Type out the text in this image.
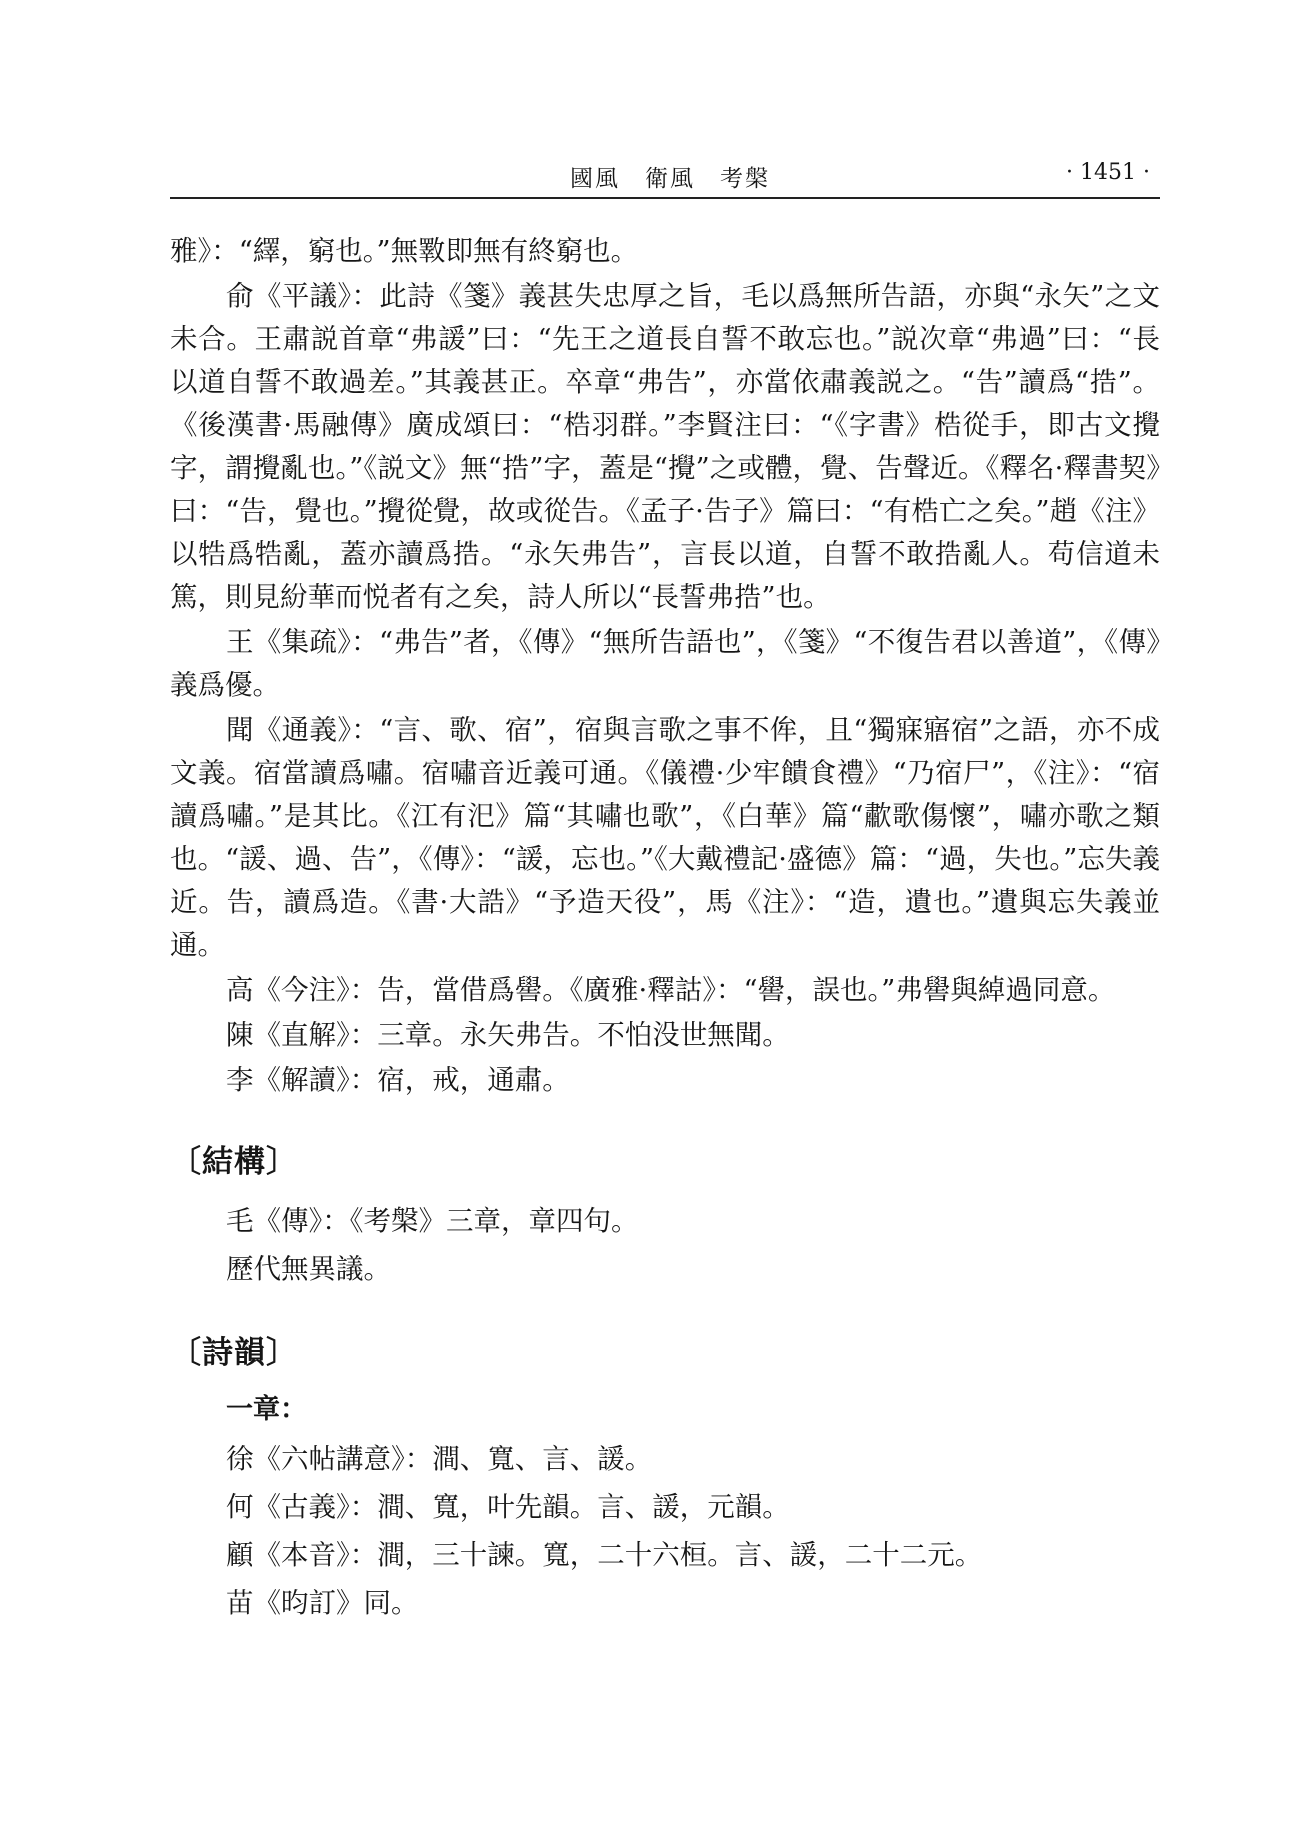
國風　衛風　考槃	· 1451 ·

雅》：“繹，窮也。”無斁即無有終窮也。

俞《平議》：此詩《箋》義甚失忠厚之旨，毛以爲無所告語，亦與“永矢”之文未合。王肅説首章“弗諼”曰：“先王之道長自誓不敢忘也。”説次章“弗過”曰：“長以道自誓不敢過差。”其義甚正。卒章“弗告”，亦當依肅義説之。“告”讀爲“捁”。《後漢書·馬融傳》廣成頌曰：“梏羽群。”李賢注曰：“《字書》梏從手，即古文攪字，謂攪亂也。”《説文》無“捁”字，蓋是“攪”之或體，覺、告聲近。《釋名·釋書契》曰：“告，覺也。”攪從覺，故或從告。《孟子·告子》篇曰：“有梏亡之矣。”趙《注》以牿爲牿亂，蓋亦讀爲捁。“永矢弗告”，言長以道，自誓不敢捁亂人。苟信道未篤，則見紛華而悦者有之矣，詩人所以“長誓弗捁”也。

王《集疏》：“弗告”者，《傳》“無所告語也”，《箋》“不復告君以善道”，《傳》義爲優。

聞《通義》：“言、歌、宿”，宿與言歌之事不侔，且“獨寐寤宿”之語，亦不成文義。宿當讀爲嘯。宿嘯音近義可通。《儀禮·少牢饋食禮》“乃宿尸”，《注》：“宿讀爲嘯。”是其比。《江有汜》篇“其嘯也歌”，《白華》篇“歗歌傷懷”，嘯亦歌之類也。“諼、過、告”，《傳》：“諼，忘也。”《大戴禮記·盛德》篇：“過，失也。”忘失義近。告，讀爲造。《書·大誥》“予造天役”，馬《注》：“造，遺也。”遺與忘失義並通。

高《今注》：告，當借爲嚳。《廣雅·釋詁》：“嚳，誤也。”弗嚳與綽過同意。

陳《直解》：三章。永矢弗告。不怕没世無聞。

李《解讀》：宿，戒，通肅。

〔結構〕
毛《傳》：《考槃》三章，章四句。
歷代無異議。
〔詩韻〕
一章：
徐《六帖講意》：澗、寬、言、諼。
何《古義》：澗、寬，叶先韻。言、諼，元韻。
顧《本音》：澗，三十諫。寬，二十六桓。言、諼，二十二元。
苗《昀訂》同。
